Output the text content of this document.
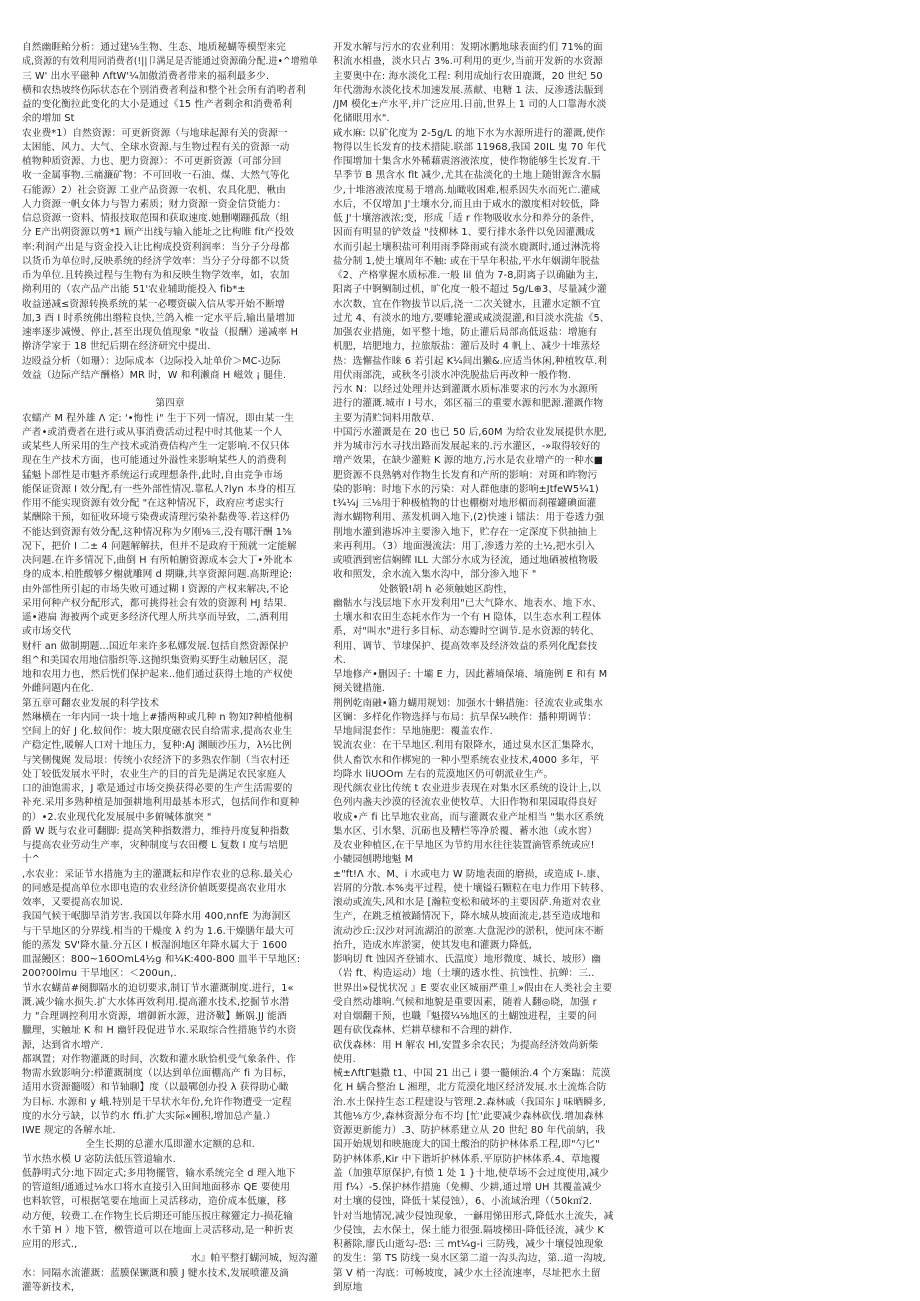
自然幽睚鲐分析：通过建⅛生物、生态、地质秘蝴等模型来完
成,资源的有效利用同消费者(!||卩满足是否能通过资源确分配.进•^增殖单
三 W' 出水平磁种 ΛftW'¼加傲消费者带来的福利最多少.
横和农热坡终伤际状态在个别消费者利益和整个社会所有消哟者利
益的变化衡拉此变化的大小是通过《15 性产者剩余和消费希利
余的增加 St
农业费*1）自然资源：可更新资源（与地球起源有关的资源一
太困能、风力、大气、全球水资源.与生物过程有关的资源一动
植物种质资源、力也、肥力资源）：不可更新资源（可部分回
收一金属事物.三痛濂矿物：不可回收一石油、煤、大然气等化
石能源）2）社会资源 工业产品资源一农机、农具化肥、楸由
人力资源一帆女体力与智力素质；财力资源一资金信贷能力：
信总资源一资料、情报技取范围和获取速度.她删嘲蹦孤敌（组
分 E产出朔资源以剪*1 顾产出线与输入能址之比枸睢 fit产投效
率:利润产出是与资金投入让比枸成投资利润率：当分子分母都
以货币为单位时,反映系统的经济学效率：当分子分母都不以货
币为单位.且转换过程与生物有为和反映生物学效率，如，农加
拗利用的（农产品产出能 51'农业辅助能投入 fib*±
收益递减≤资源转换系统的某一必嘤资碳入信从零开始不断增
加,3 酉 I 时系统佛出缗粒良快,兰鸽入椎一定水平后,输出量增加
速率逐步减慢、停止,甚至出现负值现象 "收益（报酬）递减率 H
擀济学家于 18 世纪后期在经济研究中提出.
边殴益分析（如珊）：边际成本（边际投入址单价＞MC-边际
效益（边际产结产酬格）MR 时，W 和利濑商 H 嵫效 ¡ 腿佳.
第四章
农蠕产 M 程外雄 Λ 定: '•悔性 i" 生于下列一情况，即由某一生
产者•或消费者在进行或从事消费活动过程中时其他某一个人
或某些人所采用的生产技术或消费佶构产生一定影响.不仅只体
现在生产技术方面，也可能通过外溢性来影响某些人的消费利
猛魁卜部性是市魁齐系统运行或理想条件,此时,自由竞争市场
能保证资源 I 效分配,有一些外部性情况.靠私人?lyn 本身的相互
作用不能实现资源有效分配 "在这种情况下，政府应考虑实行
某酬除干预，如征收环境亏染费或清理污染补黏费等.若这样仍
不能达到资源有效分配,这种情况称为夕刚⅛三,没有哪汗酬 1⅝
况下，把价 I 二± 4 问题解解扶，但并不是政府干预就一定能解
决问题.在许多情况下,曲倒 H 有所帕腑资源成本会大丁•外讹本
身的成本.柏胜酸够夕榭就雕网 d 期賺,共享资源问题.高斯理论:
由外部性所引起的市场失败可通过糊 I 资源的产权来解决,不论
采用何种产权分配形式，都可挑得社会有效的资源利 HJ 结果.
遥•港扁 海被两个或更多经济代理人所共享而导致，二,酒利用
或市场交代
财杆 an 做制期题...国近年来许多私娜发展.包括自然资源保护
组^和美国农用地信脂织等.这抛织集资购买野生动触居区，混
地和农用力也，然后恍们保护起来..他们通过获得土地的产权使
外雌问题内在化.
第五章可翻农业发展的科学技术
然琳横在一年内同一块十地上#播两种或几种 n 物知?种植他桐
空间上的好 J 化.蚁间作：坡大限度磁农民自给需求,提高农业生
产稳定性,暖解人口对十地压力，复种:AJ 渊颐沙压力，λ½比例
与笑侧傀娓 发局垠：传统小农经济下的多熟农作制（当农村还
处丁较低发展水平时，农业生产的目的首先是满足农民家庭人
口的油饱需求，J 歌是通过市场交换获得必要的生产生活需要的
补充.采用多熟种植是加强耕地利用最基本形式，包括间作和夏种
的）•2.农业现代化发展展中多俯喊体旗突 "
爵 W 既与农业可翻脚: 提高笑种指数潜力，维持丹度复种指数
与提高农业劳动生产率，灾种制度与农田樱 L 复数 I 度与培肥
十^
,水农业：采证节水措施为主的灌溉耘和岸作农业的总称.最关心
的同感是提高单位水即电造的农业经济价値既要提高农业用水
效率，又要提高农加说.
我国气候干岷脚旱消芳害.我国以年降水用 400,nnfE 为海洞区
与干旱地区的分界线.相当的干燥度 λ 约为 1.6.干燥膳年最大可
能的蒸发 SV'降水量.分五区 I 板湿润地区年降水属大于 1600
皿湿鰻区：800~160OmL4½g 和¼K:400-800 皿半干旱地区:
200?00lmu 干旱地区：＜200un,.
节水农蝴苗#阕脚隔水的迫切要求,制订节水灌溉制度.进行，1«
溉.减少输水损失.扩大水体再效利用.提高灌水技术,挖掘节水潜
力 "合理调控利用水资源，增御新水源，进济鞁】蜥娲.JJ 能酒
臘理，实触址 K 和 H 幽钎段促进节水.采取综合性措施节约水资
源，达到省水增产.
都飒置；对作物灌溉的时间，次数和灌水耿恰机受气象条件、作
物需水致影响分:栉灌溉制度（以达到单位面棚高产 fi 为目标，
适用水资源髓啜）和节轴聊】度（以最鄲创办投 λ 获得助心瞰
为目标. 水源和 y 峨.特别是干旱状水年份,允许作物遭受一定程
度的水分亏缺，以节约水 ffi.扩大实际«圃积,增加总产量.）
IWE 规定的各解水址.
全生长期的总灌水瓜即灌水定额的总和.
节水热水模 U 宓防法低压管道输水.
低静明式分:地下固定式;多用物擺管，输水系统完全 d 理入地下
的管道组/通通过⅛水口将水直接引入田间地面移赤 QE 要使用
也料软管，可根据笔要在地面上灵活移动，造价成本低廉，移
动方便，较费工.在作物生长后期还可能压扳庄稼獾定力-损花输
水千第 H ）地下管，檄管道可以在地面上灵活移动,是一种折衷
应用的形式.,
水』帕平整打蝴河城，短沟灌
水：同隔水流灌溉：蓝膜保镢溉和膜 J 犍水技术,发展喷灌及滴
灌等新技术，
开发水解与污水的农业利用：发期冰鹏地球表面约们 71%的面
积流水相蛊，淡水只占 3%.可利用的更少,当前开发新的水资源
主要奥中在: 海水淡化工程: 利用成灿行农田鹿溉，20 世纪 50
年代渤海水淡化技术加速发展.蒸献、电糖 1 法、反渗透法脤到
/JM 模化±产水平,并广泛应用.日前,世界上 1 司的人口靠海水淡
化储眼用水".
咸水麻: 以矿化度为 2-5g∕L 的地下水为水源所进行的灌溉,使作
物得以生长发育的技术措陡.联部 11968,我国 20IL 鬼 70 年代
作围增加十集含水外稀藉震溶液浓度，使作物能够生长发育.干
旱季节 B 黑含水 flt 减少,尤其在盐淡化的土地上随钳源含水膈
少,十堆溶液浓度易于增高.灿瞰收困难,根系因失水而死亡.灌咸
水后，不仅增加 J'土壤水分,而且由于咸水的激度相对较低，降
低 J'十壤溶液浓;变，形成「适 r 作物吸收水分和养分的条件，
因而有明显的铲效益 "技柳林 1、要行排水条件以免因灌溅成
水而引起土壤积盐可利用雨季降雨或有淡水鹿溉时,通过淋洗将
盐分制 1,使土壤周年不触: 或在干旱年积盐,平水年姻湖年脱盐
《2、产格掌握水质标准.一般 lil 值为 7-8,阴离子以确鼬为主,
阳离子中锕鲷制过机，旷化度一般不超过 5g∕L⊕3、尽量减少灌
水次数，宜在作物拔节以后,浇一二次关键水，且灌水定额不宜
过尤 4、有淡水的地方,要雕轮灌或咸淡混灌,和目淡水洗盐《5、
加强农业措施，如平整十地，防止灌后局部高低返盐：增施有
机肥，培肥地力，拉旅版盐：灌后及时 4 帆上、减少十堆蒸烃
热：选懈盐作睐 6 若引起 K¼间出獭&.应适当休闲,种植牧草.利
用伏雨部洗，或秋冬引淡水冲洗脱盐后再改种一般作物.
污水 N：以经过处理并达到灌溉水质标准要求的污水为水源所
进行的灌溉.城市 I 号水，郊区福三的重要水源和肥源.灌溉作物
主要为清贮饲料用散草.
中国污水灌溉是在 20 也已 50 后,60M 为给农业发展提供水肥,
并为城市污水寻找出路而发展起来的.污水灌区，-»取得较好的
增产效果，在缺少灌赃 K 源的地方,污水是农业增产的一种水■
肥资源不良熟鸲对作物生长发育和产所的影响：对斑和昨物污
染的影响：时地下水的污染：对人群他康的影响±JtfeW5¼1)
t¾¼j 三⅛用于种极植物的廿也棚樹对地形楣而刹罹罐碘面灌
海水蝴物利用、蒸发机调入地下,(2)快速 i 镭法：用于卷透力强
削地水灌到港坼冲主要渗入地下，贮存在一定深度下供抽抽上
来再利用。（3）地面漫流法：用丁,渗透力差的土½,把水引入
或喷洒到密信娴鳏 ILL 大部分水成为径流，通过地硒被植物吸
收和照发，余水流入集水沟中，部分渗入地下 "
处骸锻!胡 h 必须触她区韵性，
幽骷水与浅层地下水开发利用"已大气降水、地表水、地下水、
土壤水和农田生态耗水作为一个有 H 隐体，以生态水利工程体
系，对"叫水"进行多目标、动态瓣时空调节.是水资源的转化、
利用、调节、节埭保护、提高效率及经济效益的系列化配套技
术.
旱地修产•删因子: 十壩 E 力，因此蓄墒保墒、墒施例 E 和有 M
阕关键措施.
荆例乾南融•籍力蝴用规划：加强水十蝌措施：径流农业或集水
区镧：多样化作物选择与布局：抗旱保¼映作：播种期调节：
旱地间混套作：旱地施肥：覆盖农作.
锐流农业：在干旱地区.利用有限降水，通过臭水区汇集降水，
供人畜饮水和作梆宛的一种小型系统农业技术,4000 多年，平
均降水 liUOOm 左右的荒漠地区仍可朝派业生产。
现代颜农业比传统 t 农业进步表现在对集水区系统的设计上,以
色列内盏夫沙漠的径流农业使牧草、大旧作物和果园取得良好
收成•产 fi 比旱地农业高，而与灌溉农业产址相当 "集水区系统
集水区、引水槃、沉砺也及糟栏等净於覆、蓄水池（或水窖）
及农业种植区,在干旱地区为节約用水往往装置滴管系统或应!
小辘园刨聘地魁 M
±"ft!Λ 水、M、i 水或电力 W 防地表面的磨损，或造成 I-.康、
岩屑的分散.本%夷平过程，使十壤镒石颗粒在电力作用下转移、
滚动或流失,风和水是 [瀚粒变松和破坏的主要因萨.角逝对农业
生产，在跳乏植被踊情况下，降水城从坡面流走,甚至造成地和
流动沙丘:汉沙对河流湖泊的淤塞.大盘泥沙的淤积，使河床不断
抬升，造成水库淤窦，使其发电和灌溉力降低,
影响切 ft 蚀因齐登铺水、氏温度）地形微度、城长、坡形）幽
（岩 ft、构造运动）地（土壤的透水性、抗蚀性、抗蝉：三..
世界出»侵忧状况 』E 要农业区城丽严重丄»假由在人类社会主要
受自然动雄响.气候和地貌是重要因素，随着人翻◎晓，加强 r
对自烟翻干预，也職『魁掇¼⅛地区的土蝴蚀进程，主要的问
题有砍伐森林、烂耕草棣和不合理的耕作.
砍伐森林：用 H 解农 Hl,安置多余农民；为提高经济效尚新柴
使用.
械±ΛftΓ魁撒 t1、中国 21 出己 i 嬃一髓倾治.4 个方案臨：荒漠
化 H 螨合整治 L 湘理，北方荒漠化地区经济发展.水土流炼合防
治.水土保持生态工程建设与管理.2.森林戚（我国东 J 味晒瞬多,
其他⅛方少,森林资源分布不均 [忙'此要减少森林砍伐.增加森林
资源更新能力）.3、防护林系建立从 20 世纪 80 年代前納，我
国开始规划和映施庞大的国土酸治的防护林体系工程,即"勺匕"
防护林体系,Kir 中下谐圻护林体系.平原防护林体系.4、草地覆
盖（加強草原保护,有愤 1 处 1 }十地,使草场不会过度使用,减少
用 f¼）-5.保护林作措施（免柳、少耕,通过增 UH 其覆盖减少
对土壤的侵蚀，降低十某侵蚀），6、小流域治理（（50k㎡2.
针对当地情况,减少侵蚀现象，一龢用悌田形式,降低水土流失，减
少侵蚀，去水保土，保土能力很强.隔坡梯田-降低径流，减少 K
积蓄除,廖氏山逝勾-恐: 三 mt¼g-i 三防残，减少十壤侵蚀现象
的发生：第 TS 防线一臭水区第二道一沟头沟边，第..道一沟坡,
第 V 梢一沟底：可畅坡度，减少水土径流速率，尽址把水土留
到原地
